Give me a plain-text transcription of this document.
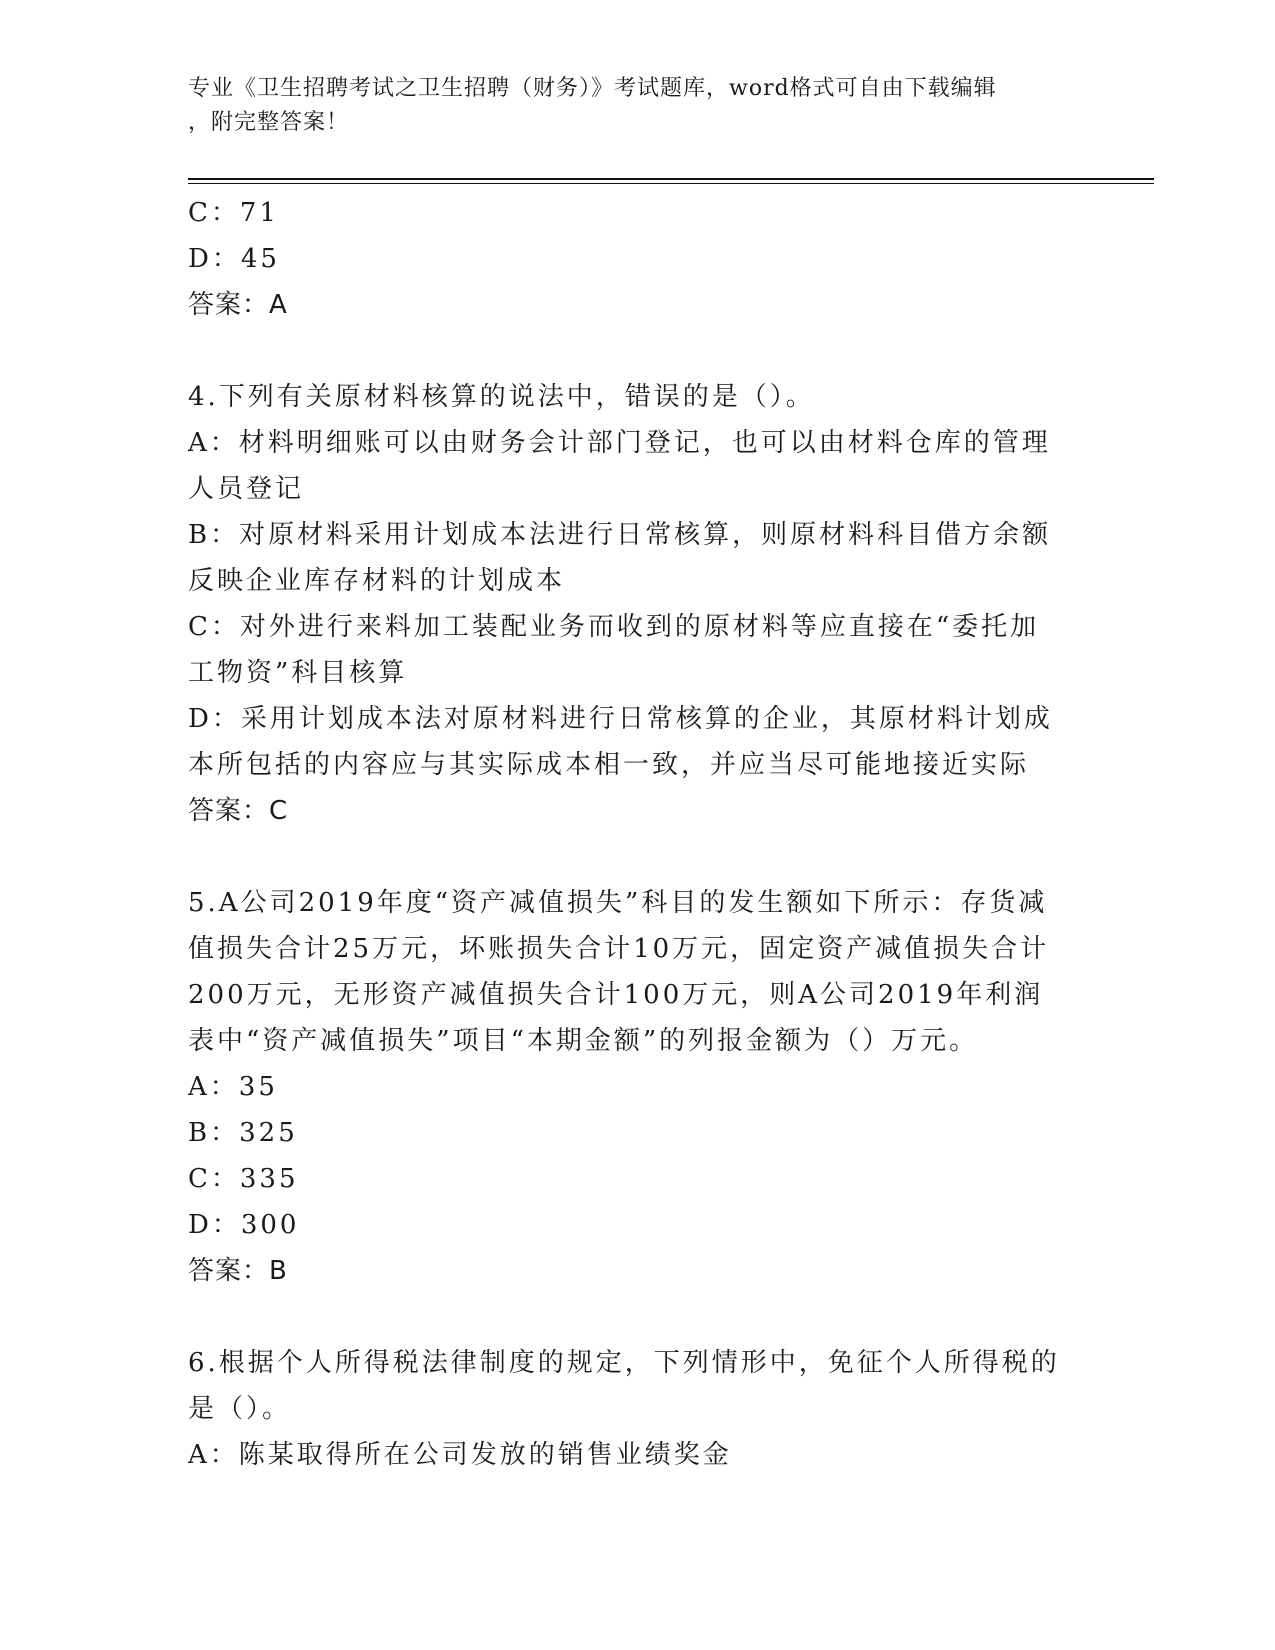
专业《卫生招聘考试之卫生招聘（财务）》考试题库，word格式可自由下载编辑
，附完整答案！
C：71
D：45
答案：A
4.下列有关原材料核算的说法中，错误的是（）。
A：材料明细账可以由财务会计部门登记，也可以由材料仓库的管理人员登记
B：对原材料采用计划成本法进行日常核算，则原材料科目借方余额反映企业库存材料的计划成本
C：对外进行来料加工装配业务而收到的原材料等应直接在“委托加工物资”科目核算
D：采用计划成本法对原材料进行日常核算的企业，其原材料计划成本所包括的内容应与其实际成本相一致，并应当尽可能地接近实际
答案：C
5.A公司2019年度“资产减值损失”科目的发生额如下所示：存货减值损失合计25万元，坏账损失合计10万元，固定资产减值损失合计200万元，无形资产减值损失合计100万元，则A公司2019年利润表中“资产减值损失”项目“本期金额”的列报金额为（）万元。
A：35
B：325
C：335
D：300
答案：B
6.根据个人所得税法律制度的规定，下列情形中，免征个人所得税的是（）。
A：陈某取得所在公司发放的销售业绩奖金
